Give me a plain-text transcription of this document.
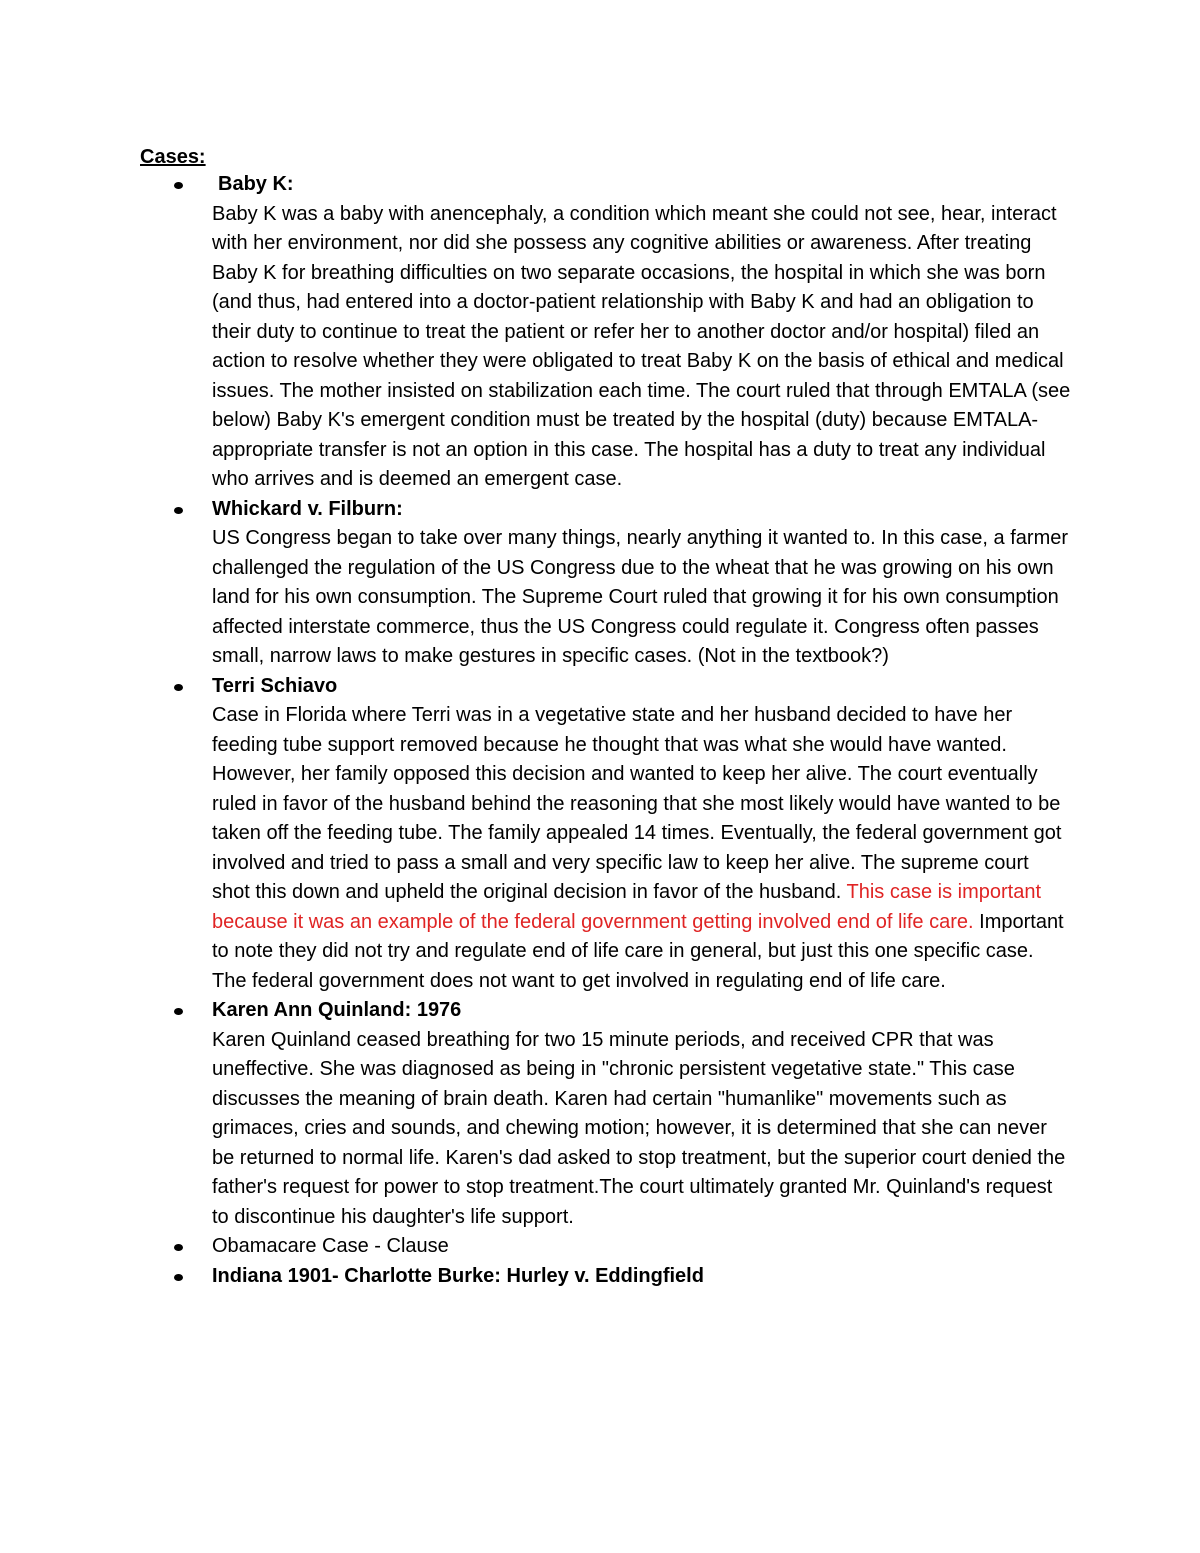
Cases:

Baby K:
Baby K was a baby with anencephaly, a condition which meant she could not see, hear, interact with her environment, nor did she possess any cognitive abilities or awareness. After treating Baby K for breathing difficulties on two separate occasions, the hospital in which she was born (and thus, had entered into a doctor-patient relationship with Baby K and had an obligation to their duty to continue to treat the patient or refer her to another doctor and/or hospital) filed an action to resolve whether they were obligated to treat Baby K on the basis of ethical and medical issues. The mother insisted on stabilization each time. The court ruled that through EMTALA (see below) Baby K's emergent condition must be treated by the hospital (duty) because EMTALA-appropriate transfer is not an option in this case. The hospital has a duty to treat any individual who arrives and is deemed an emergent case.
Whickard v. Filburn:
US Congress began to take over many things, nearly anything it wanted to. In this case, a farmer challenged the regulation of the US Congress due to the wheat that he was growing on his own land for his own consumption. The Supreme Court ruled that growing it for his own consumption affected interstate commerce, thus the US Congress could regulate it. Congress often passes small, narrow laws to make gestures in specific cases. (Not in the textbook?)
Terri Schiavo
Case in Florida where Terri was in a vegetative state and her husband decided to have her feeding tube support removed because he thought that was what she would have wanted. However, her family opposed this decision and wanted to keep her alive. The court eventually ruled in favor of the husband behind the reasoning that she most likely would have wanted to be taken off the feeding tube. The family appealed 14 times. Eventually, the federal government got involved and tried to pass a small and very specific law to keep her alive. The supreme court shot this down and upheld the original decision in favor of the husband. This case is important because it was an example of the federal government getting involved end of life care. Important to note they did not try and regulate end of life care in general, but just this one specific case. The federal government does not want to get involved in regulating end of life care.
Karen Ann Quinland: 1976
Karen Quinland ceased breathing for two 15 minute periods, and received CPR that was uneffective. She was diagnosed as being in "chronic persistent vegetative state." This case discusses the meaning of brain death. Karen had certain "humanlike" movements such as grimaces, cries and sounds, and chewing motion; however, it is determined that she can never be returned to normal life. Karen's dad asked to stop treatment, but the superior court denied the father's request for power to stop treatment.The court ultimately granted Mr. Quinland's request to discontinue his daughter's life support.
Obamacare Case - Clause
Indiana 1901- Charlotte Burke: Hurley v. Eddingfield
